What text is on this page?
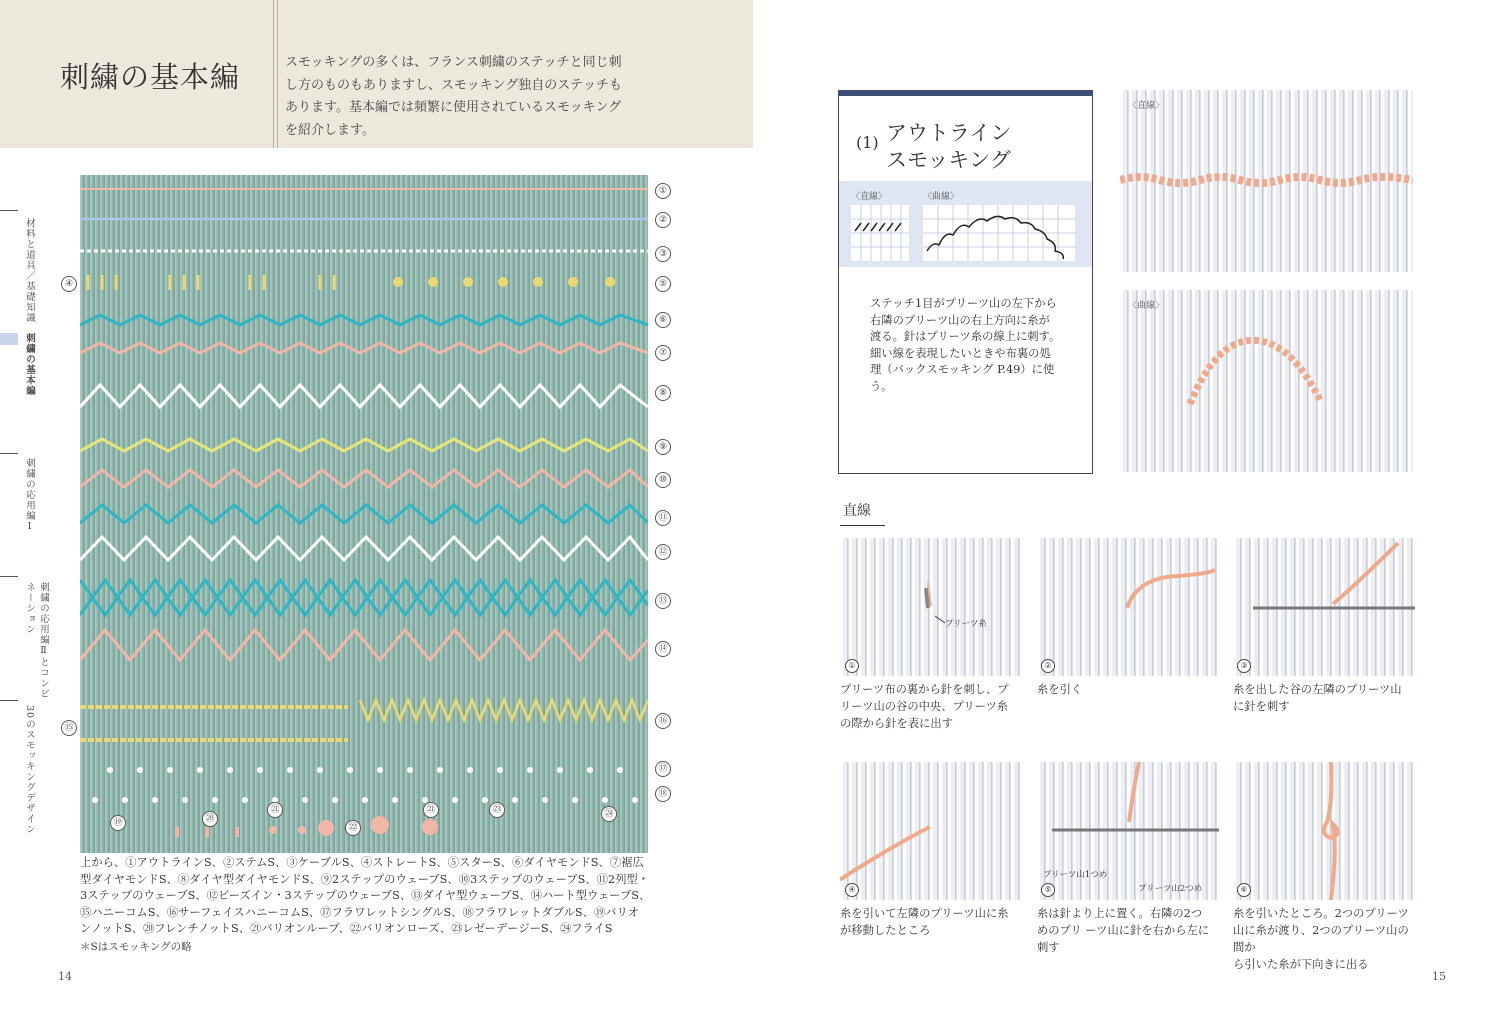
刺繍の基本編	スモッキングの多くは、フランス刺繍のステッチと同じ刺
し方のものもありますし、スモッキング独自のステッチも
あります。基本編では頻繁に使用されているスモッキング
を紹介します。
材料と道具／基礎知識
刺繍の基本編
刺繍の応用編Ⅰ
刺繍の応用編Ⅱとコンビネーション
30のスモッキングデザイン
①
②
③
④	⑤
⑥
⑦
⑧
⑨
⑩
⑪
⑫
⑬
⑭
⑮
⑯
⑰
⑱
⑲	⑳
㉑	㉑
㉒
㉓	㉔
上から、①アウトラインS、②ステムS、③ケーブルS、④ストレートS、⑤スターS、⑥ダイヤモンドS、⑦裾広
型ダイヤモンドS、⑧ダイヤ型ダイヤモンドS、⑨2ステップのウェーブS、⑩3ステップのウェーブS、⑪2列型・
3ステップのウェーブS、⑫ビーズイン・3ステップのウェーブS、⑬ダイヤ型ウェーブS、⑭ハート型ウェーブS、
⑮ハニーコムS、⑯サーフェイスハニーコムS、⑰フラワレットシングルS、⑱フラワレットダブルS、⑲バリオ
ンノットS、⑳フレンチノットS、㉑バリオンループ、㉒バリオンローズ、㉓レゼーデージーS、㉔フライS
＊Sはスモッキングの略
14
(1) アウトライン
スモッキング
〈直線〉	〈曲線〉
ステッチ1目がプリーツ山の左下から
右隣のプリーツ山の右上方向に糸が
渡る。針はプリーツ糸の線上に刺す。
細い線を表現したいときや布裏の処
理（バックスモッキング P.49）に使う。
〈直線〉
〈曲線〉
直線
プリーツ糸
①	②	③
プリーツ布の裏から針を刺し、プ
リーツ山の谷の中央、プリーツ糸
の際から針を表に出す
糸を引く	糸を出した谷の左隣のプリーツ山
に針を刺す
④
プリーツ山1つめ
プリーツ山2つめ
⑤	⑥
糸を引いて左隣のプリーツ山に糸
が移動したところ
糸は針より上に置く。右隣の2つ
めのプリ ーツ山に針を右から左に
刺す
糸を引いたところ。2つのプリーツ
山に糸が渡り、2つのプリーツ山の間か
ら引いた糸が下向きに出る
15
